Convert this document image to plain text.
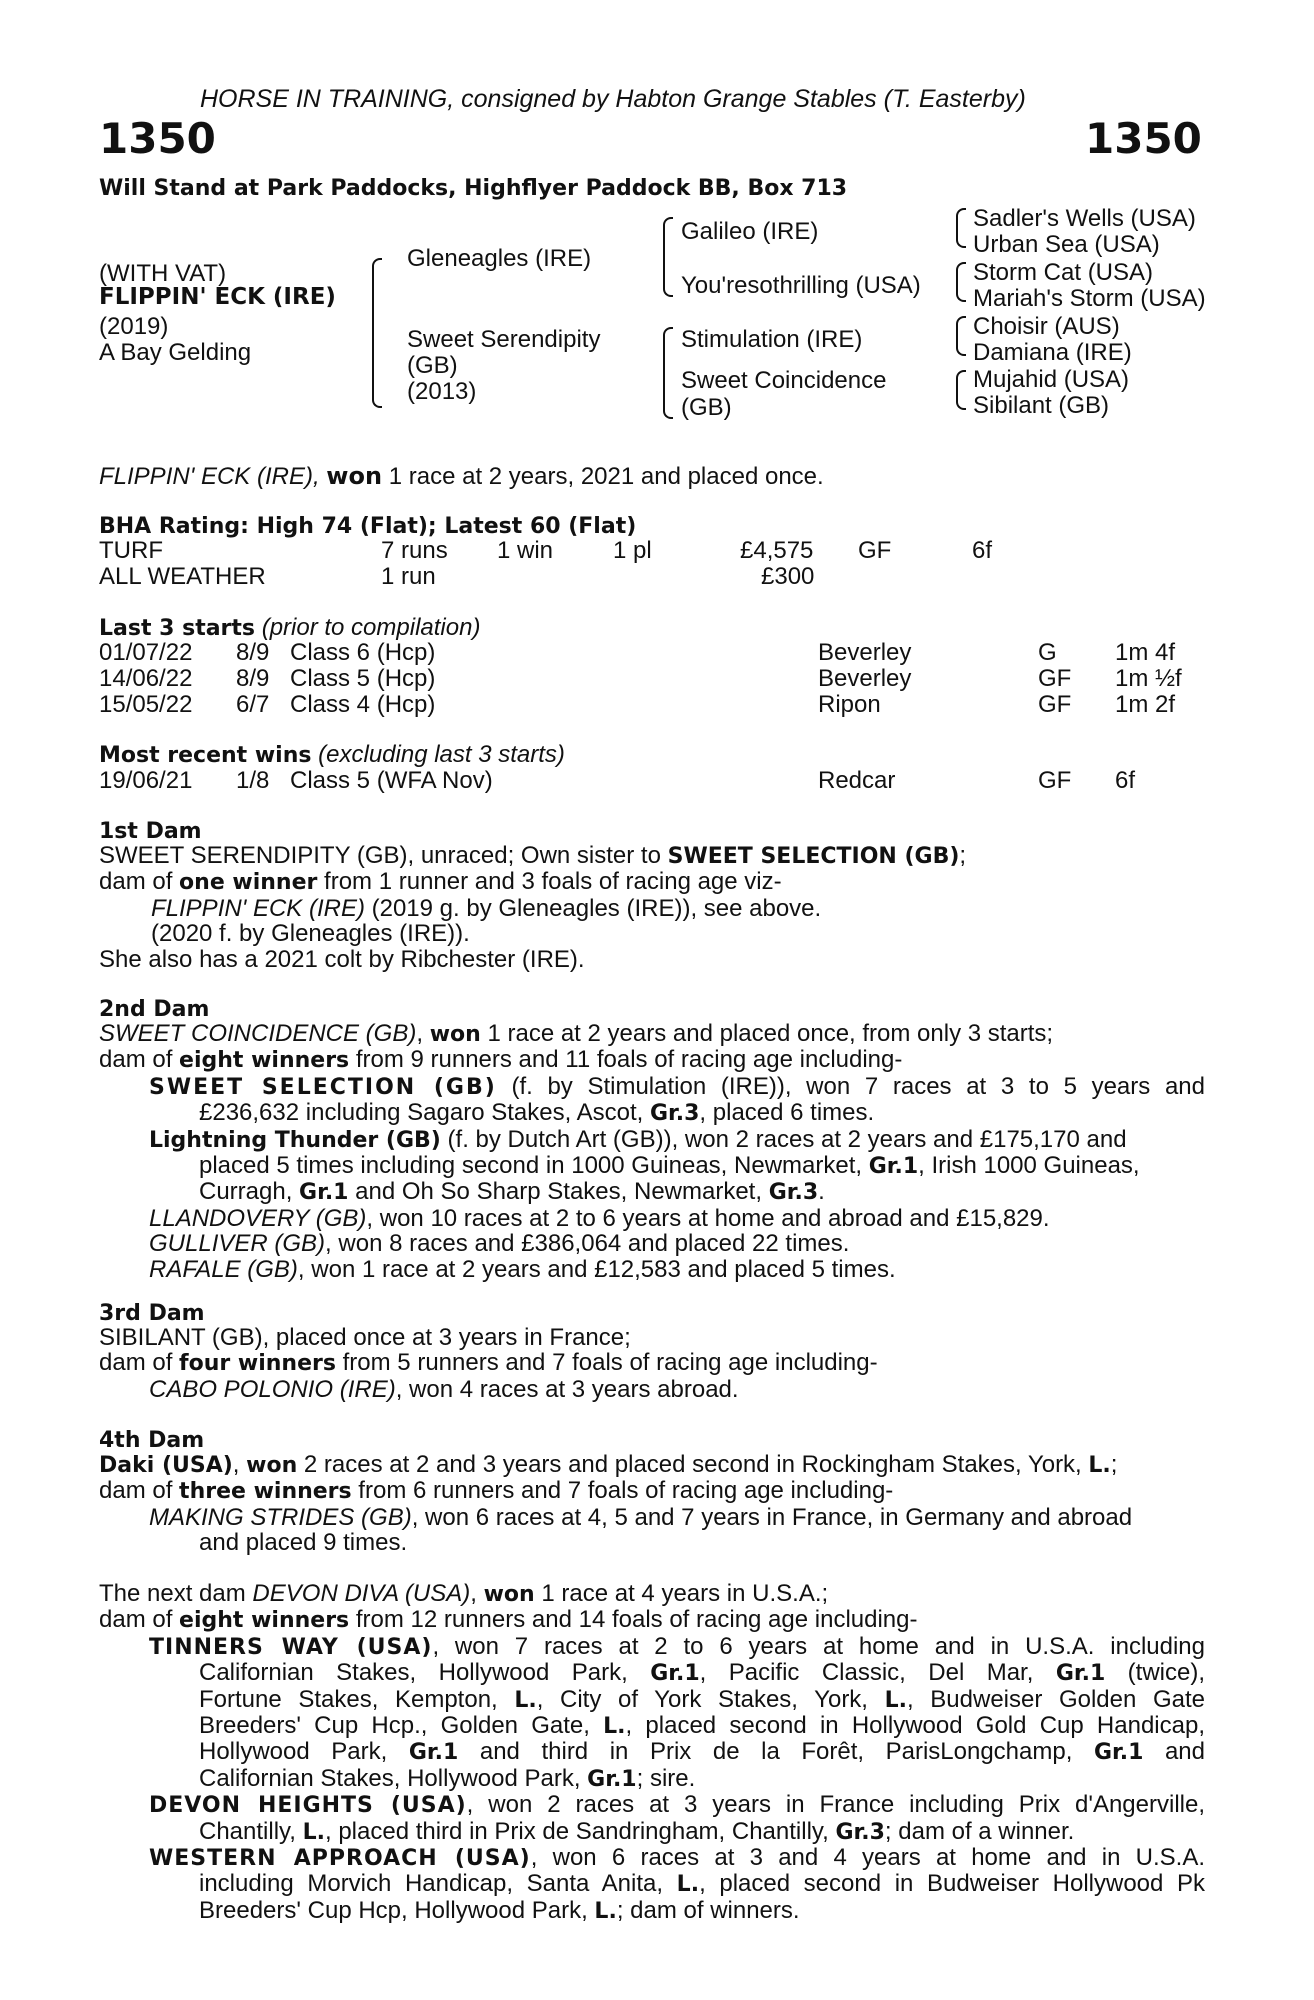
HORSE IN TRAINING, consigned by Habton Grange Stables (T. Easterby)
1350	1350
Will Stand at Park Paddocks, Highflyer Paddock BB, Box 713
(WITH VAT)
FLIPPIN' ECK (IRE)
(2019)
A Bay Gelding
Gleneagles (IRE)
Sweet Serendipity
(GB)
(2013)
Galileo (IRE)
You'resothrilling (USA)
Stimulation (IRE)
Sweet Coincidence
(GB)
Sadler's Wells (USA)
Urban Sea (USA)
Storm Cat (USA)
Mariah's Storm (USA)
Choisir (AUS)
Damiana (IRE)
Mujahid (USA)
Sibilant (GB)
FLIPPIN' ECK (IRE), won 1 race at 2 years, 2021 and placed once.
BHA Rating: High 74 (Flat); Latest 60 (Flat)
TURF	7 runs 1 win 1 pl	£4,575 GF	6f
ALL WEATHER	1 run	£300
Last 3 starts (prior to compilation)
01/07/22 8/9 Class 6 (Hcp)	Beverley	G 1m 4f
14/06/22 8/9 Class 5 (Hcp)	Beverley	GF 1m ½f
15/05/22 6/7 Class 4 (Hcp)	Ripon	GF 1m 2f
Most recent wins (excluding last 3 starts)
19/06/21 1/8 Class 5 (WFA Nov)	Redcar	GF 6f
1st Dam
SWEET SERENDIPITY (GB), unraced; Own sister to SWEET SELECTION (GB);
dam of one winner from 1 runner and 3 foals of racing age viz-
FLIPPIN' ECK (IRE) (2019 g. by Gleneagles (IRE)), see above.
(2020 f. by Gleneagles (IRE)).
She also has a 2021 colt by Ribchester (IRE).
2nd Dam
SWEET COINCIDENCE (GB), won 1 race at 2 years and placed once, from only 3 starts;
dam of eight winners from 9 runners and 11 foals of racing age including-
SWEET SELECTION (GB) (f. by Stimulation (IRE)), won 7 races at 3 to 5 years and
£236,632 including Sagaro Stakes, Ascot, Gr.3, placed 6 times.
Lightning Thunder (GB) (f. by Dutch Art (GB)), won 2 races at 2 years and £175,170 and
placed 5 times including second in 1000 Guineas, Newmarket, Gr.1, Irish 1000 Guineas,
Curragh, Gr.1 and Oh So Sharp Stakes, Newmarket, Gr.3.
LLANDOVERY (GB), won 10 races at 2 to 6 years at home and abroad and £15,829.
GULLIVER (GB), won 8 races and £386,064 and placed 22 times.
RAFALE (GB), won 1 race at 2 years and £12,583 and placed 5 times.
3rd Dam
SIBILANT (GB), placed once at 3 years in France;
dam of four winners from 5 runners and 7 foals of racing age including-
CABO POLONIO (IRE), won 4 races at 3 years abroad.
4th Dam
Daki (USA), won 2 races at 2 and 3 years and placed second in Rockingham Stakes, York, L.;
dam of three winners from 6 runners and 7 foals of racing age including-
MAKING STRIDES (GB), won 6 races at 4, 5 and 7 years in France, in Germany and abroad
and placed 9 times.
The next dam DEVON DIVA (USA), won 1 race at 4 years in U.S.A.;
dam of eight winners from 12 runners and 14 foals of racing age including-
TINNERS WAY (USA), won 7 races at 2 to 6 years at home and in U.S.A. including
Californian Stakes, Hollywood Park, Gr.1, Pacific Classic, Del Mar, Gr.1 (twice),
Fortune Stakes, Kempton, L., City of York Stakes, York, L., Budweiser Golden Gate
Breeders' Cup Hcp., Golden Gate, L., placed second in Hollywood Gold Cup Handicap,
Hollywood Park, Gr.1 and third in Prix de la Forêt, ParisLongchamp, Gr.1 and
Californian Stakes, Hollywood Park, Gr.1; sire.
DEVON HEIGHTS (USA), won 2 races at 3 years in France including Prix d'Angerville,
Chantilly, L., placed third in Prix de Sandringham, Chantilly, Gr.3; dam of a winner.
WESTERN APPROACH (USA), won 6 races at 3 and 4 years at home and in U.S.A.
including Morvich Handicap, Santa Anita, L., placed second in Budweiser Hollywood Pk
Breeders' Cup Hcp, Hollywood Park, L.; dam of winners.
